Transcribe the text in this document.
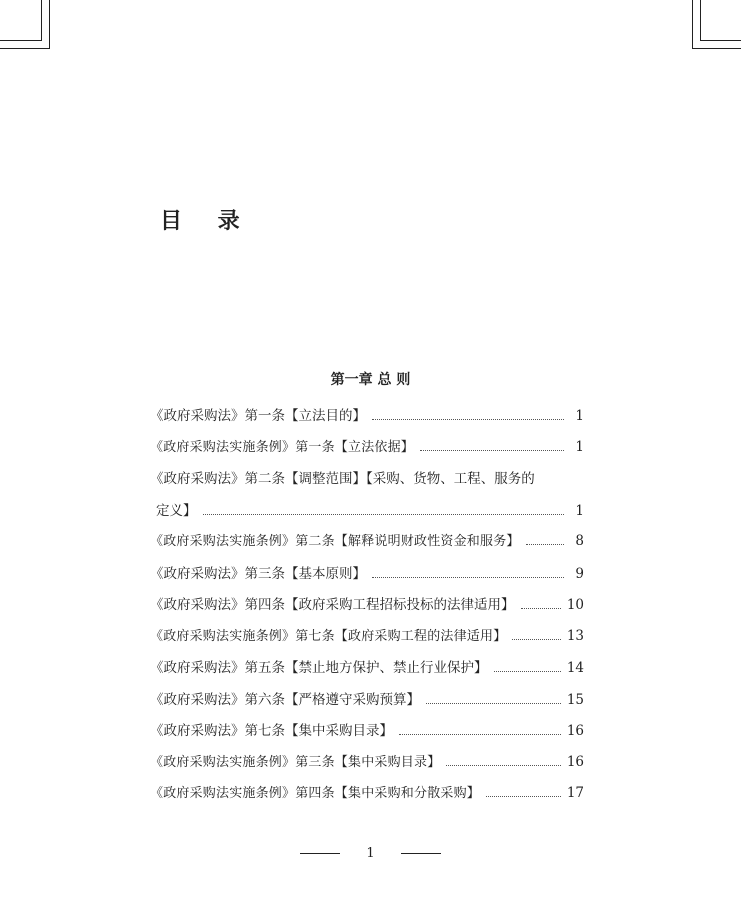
目 录
第一章 总 则
《政府采购法》第一条【立法目的】	1
《政府采购法实施条例》第一条【立法依据】	1
《政府采购法》第二条【调整范围】【采购、货物、工程、服务的
定义】	1
《政府采购法实施条例》第二条【解释说明财政性资金和服务】	8
《政府采购法》第三条【基本原则】	9
《政府采购法》第四条【政府采购工程招标投标的法律适用】	10
《政府采购法实施条例》第七条【政府采购工程的法律适用】	13
《政府采购法》第五条【禁止地方保护、禁止行业保护】	14
《政府采购法》第六条【严格遵守采购预算】	15
《政府采购法》第七条【集中采购目录】	16
《政府采购法实施条例》第三条【集中采购目录】	16
《政府采购法实施条例》第四条【集中采购和分散采购】	17
1
